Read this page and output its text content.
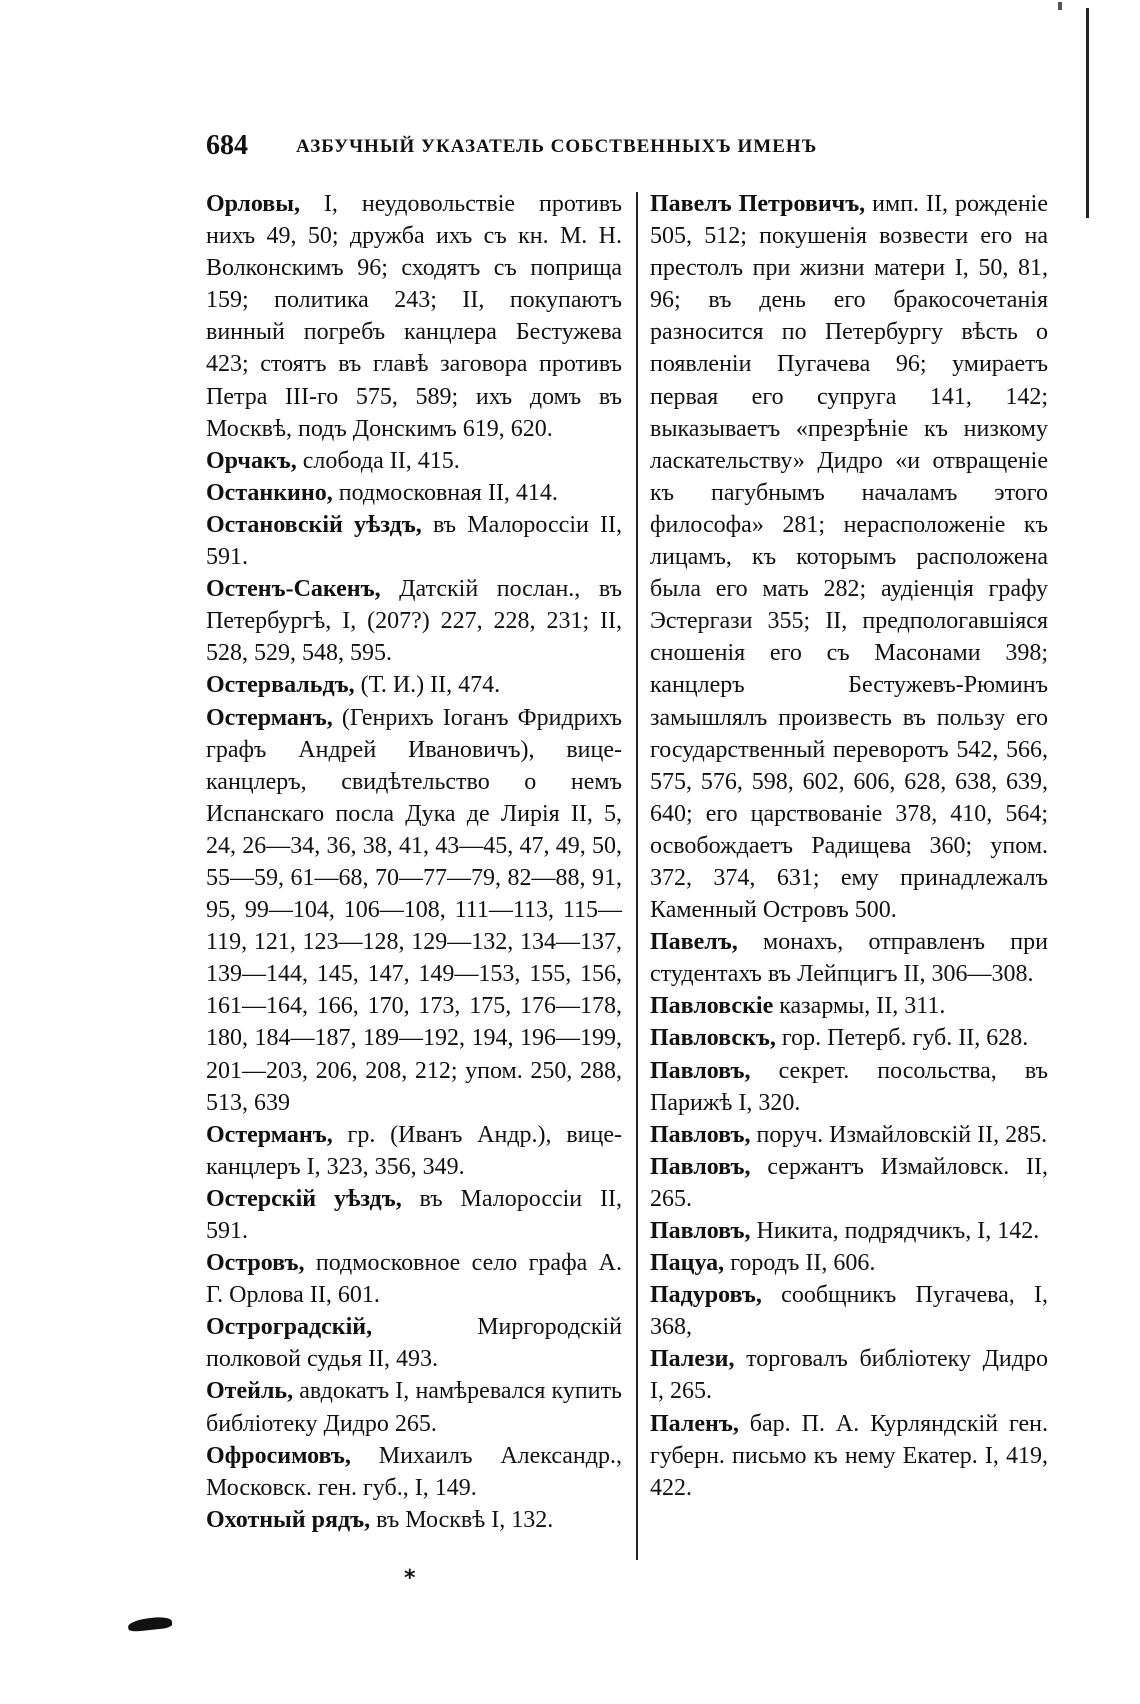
684	АЗБУЧНЫЙ УКАЗАТЕЛЬ СОБСТВЕННЫХЪ ИМЕНЪ

Орловы, I, неудовольствіе противъ нихъ 49, 50; дружба ихъ съ кн. М. Н. Волконскимъ 96; сходятъ съ поприща 159; политика 243; II, покупаютъ винный погребъ канцлера Бестужева 423; стоятъ въ главѣ заговора противъ Петра III-го 575, 589; ихъ домъ въ Москвѣ, подъ Донскимъ 619, 620.

Орчакъ, слобода II, 415.

Останкино, подмосковная II, 414.

Остановскій уѣздъ, въ Малороссіи II, 591.

Остенъ-Сакенъ, Датскій послан., въ Петербургѣ, I, (207?) 227, 228, 231; II, 528, 529, 548, 595.

Остервальдъ, (Т. И.) II, 474.

Остерманъ, (Генрихъ Іоганъ Фридрихъ графъ Андрей Ивановичъ), вице-канцлеръ, свидѣтельство о немъ Испанскаго посла Дука де Лирія II, 5, 24, 26—34, 36, 38, 41, 43—45, 47, 49, 50, 55—59, 61—68, 70—77—79, 82—88, 91, 95, 99—104, 106—108, 111—113, 115—119, 121, 123—128, 129—132, 134—137, 139—144, 145, 147, 149—153, 155, 156, 161—164, 166, 170, 173, 175, 176—178, 180, 184—187, 189—192, 194, 196—199, 201—203, 206, 208, 212; упом. 250, 288, 513, 639

Остерманъ, гр. (Иванъ Андр.), вице-канцлеръ I, 323, 356, 349.

Остерскій уѣздъ, въ Малороссіи II, 591.

Островъ, подмосковное село графа А. Г. Орлова II, 601.

Остроградскій, Миргородскій полковой судья II, 493.

Отейль, авдокатъ I, намѣревался купить библіотеку Дидро 265.

Офросимовъ, Михаилъ Александр., Московск. ген. губ., I, 149.

Охотный рядъ, въ Москвѣ I, 132.

Павелъ Петровичъ, имп. II, рожденіе 505, 512; покушенія возвести его на престолъ при жизни матери I, 50, 81, 96; въ день его бракосочетанія разносится по Петербургу вѣсть о появленіи Пугачева 96; умираетъ первая его супруга 141, 142; выказываетъ «презрѣніе къ низкому ласкательству» Дидро «и отвращеніе къ пагубнымъ началамъ этого философа» 281; нерасположеніе къ лицамъ, къ которымъ расположена была его мать 282; аудіенція графу Эстергази 355; II, предпологавшіяся сношенія его съ Масонами 398; канцлеръ Бестужевъ-Рюминъ замышлялъ произвесть въ пользу его государственный переворотъ 542, 566, 575, 576, 598, 602, 606, 628, 638, 639, 640; его царствованіе 378, 410, 564; освобождаетъ Радищева 360; упом. 372, 374, 631; ему принадлежалъ Каменный Островъ 500.

Павелъ, монахъ, отправленъ при студентахъ въ Лейпцигъ II, 306—308.

Павловскіе казармы, II, 311.

Павловскъ, гор. Петерб. губ. II, 628.

Павловъ, секрет. посольства, въ Парижѣ I, 320.

Павловъ, поруч. Измайловскій II, 285.

Павловъ, сержантъ Измайловск. II, 265.

Павловъ, Никита, подрядчикъ, I, 142.

Пацуа, городъ II, 606.

Падуровъ, сообщникъ Пугачева, I, 368,

Палези, торговалъ библіотеку Дидро I, 265.

Паленъ, бар. П. А. Курляндскій ген. губерн. письмо къ нему Екатер. I, 419, 422.

*
